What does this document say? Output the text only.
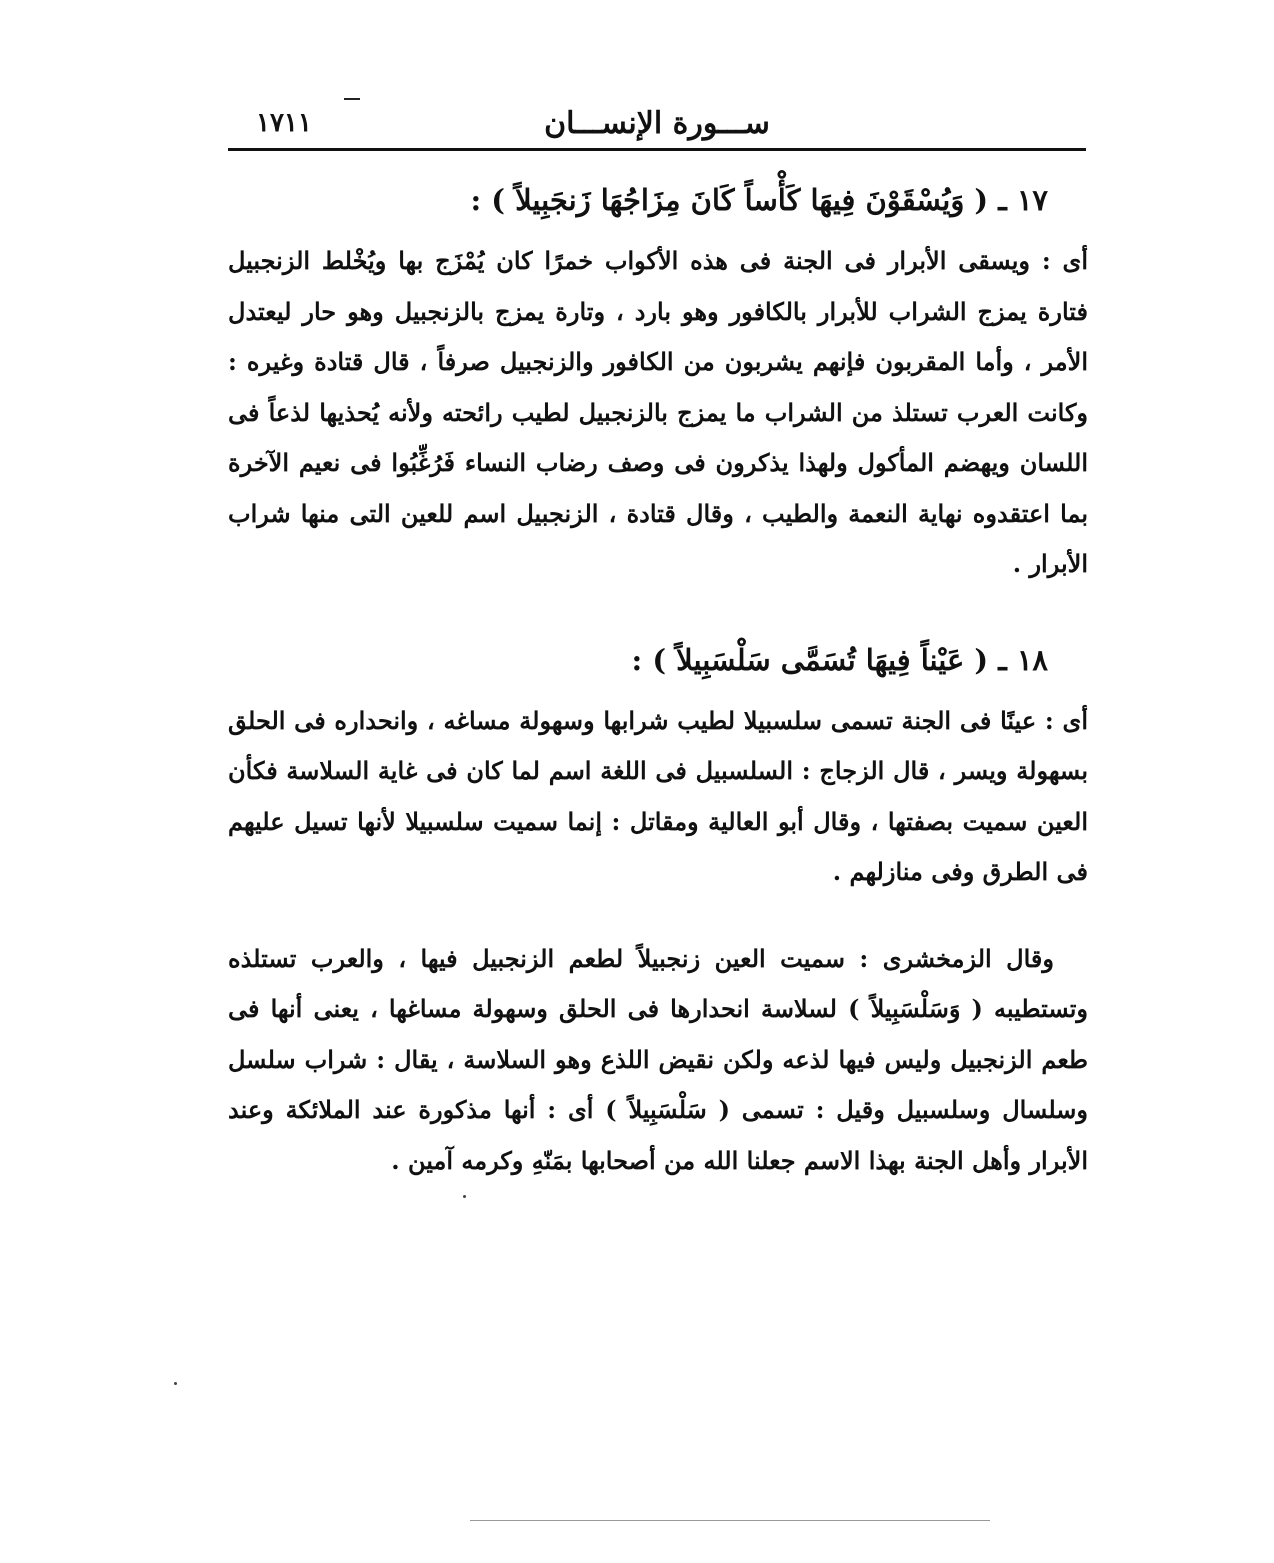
ســـورة الإنســـان
١٧١١

١٧ ـ ( وَيُسْقَوْنَ فِيهَا كَأْساً كَانَ مِزَاجُهَا زَنجَبِيلاً ) :

أى : ويسقى الأبرار فى الجنة فى هذه الأكواب خمرًا كان يُمْزَج بها ويُخْلط الزنجبيل فتارة يمزج الشراب للأبرار بالكافور وهو بارد ، وتارة يمزج بالزنجبيل وهو حار ليعتدل الأمر ، وأما المقربون فإنهم يشربون من الكافور والزنجبيل صرفاً ، قال قتادة وغيره : وكانت العرب تستلذ من الشراب ما يمزج بالزنجبيل لطيب رائحته ولأنه يُحذيها لذعاً فى اللسان ويهضم المأكول ولهذا يذكرون فى وصف رضاب النساء فَرُغِّبُوا فى نعيم الآخرة بما اعتقدوه نهاية النعمة والطيب ، وقال قتادة ، الزنجبيل اسم للعين التى منها شراب الأبرار .

١٨ ـ ( عَيْناً فِيهَا تُسَمَّى سَلْسَبِيلاً ) :

أى : عينًا فى الجنة تسمى سلسبيلا لطيب شرابها وسهولة مساغه ، وانحداره فى الحلق بسهولة ويسر ، قال الزجاج : السلسبيل فى اللغة اسم لما كان فى غاية السلاسة فكأن العين سميت بصفتها ، وقال أبو العالية ومقاتل : إنما سميت سلسبيلا لأنها تسيل عليهم فى الطرق وفى منازلهم .

وقال الزمخشرى : سميت العين زنجبيلاً لطعم الزنجبيل فيها ، والعرب تستلذه وتستطيبه ( وَسَلْسَبِيلاً ) لسلاسة انحدارها فى الحلق وسهولة مساغها ، يعنى أنها فى طعم الزنجبيل وليس فيها لذعه ولكن نقيض اللذع وهو السلاسة ، يقال : شراب سلسل وسلسال وسلسبيل وقيل : تسمى ( سَلْسَبِيلاً ) أى : أنها مذكورة عند الملائكة وعند الأبرار وأهل الجنة بهذا الاسم جعلنا الله من أصحابها بمَنّهِ وكرمه آمين .
